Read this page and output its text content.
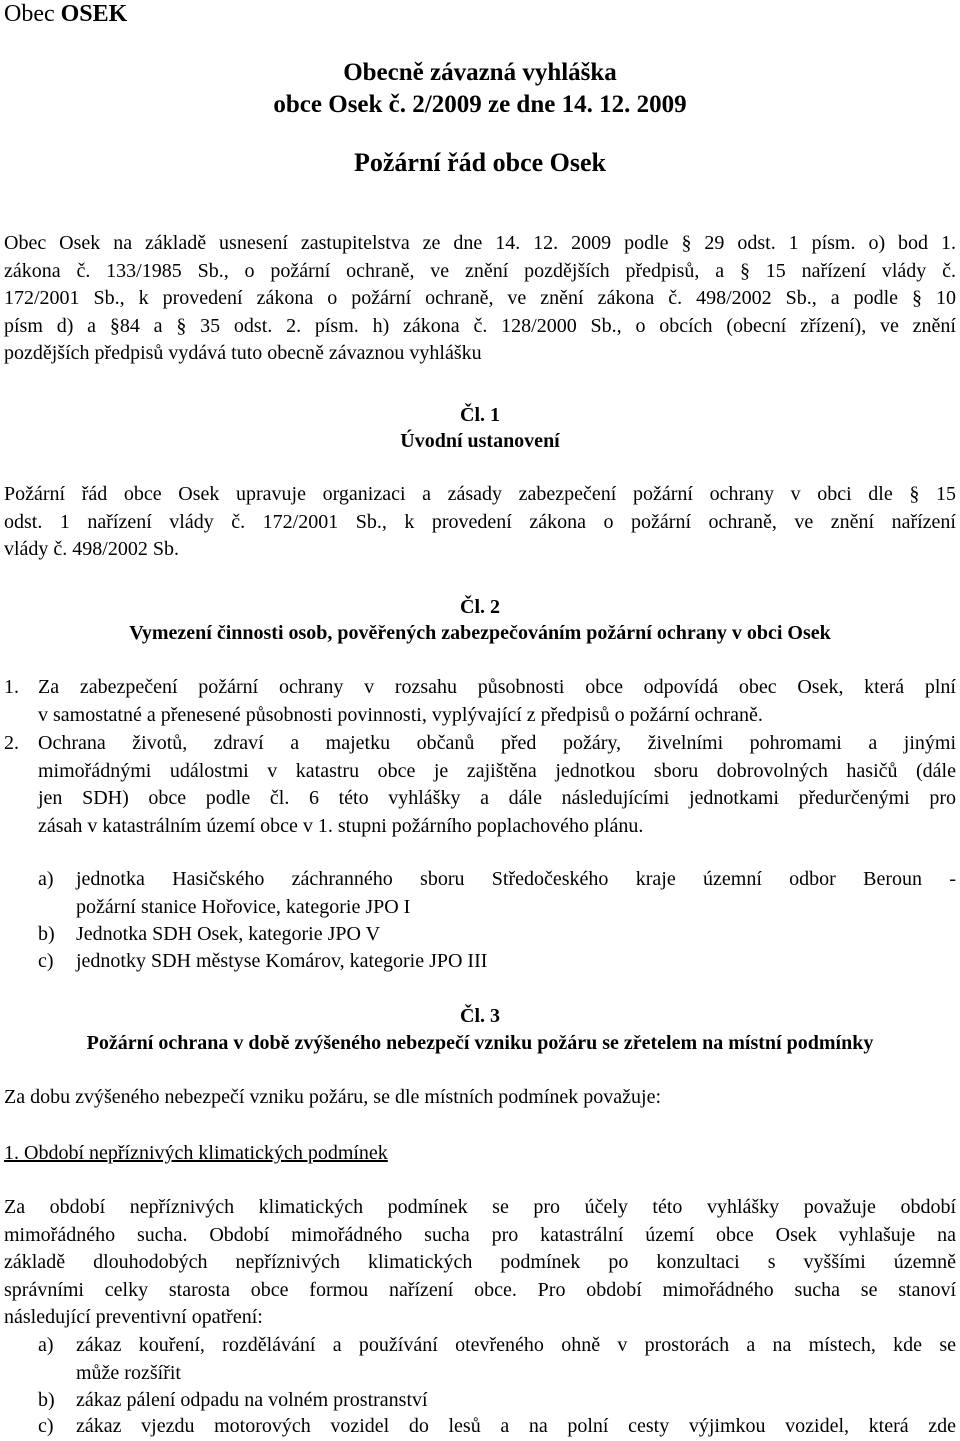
Obec OSEK
Obecně závazná vyhláška
obce Osek č. 2/2009 ze dne 14. 12. 2009
Požární řád obce Osek
Obec Osek na základě usnesení zastupitelstva ze dne 14. 12. 2009 podle § 29 odst. 1 písm. o) bod 1.
zákona č. 133/1985 Sb., o požární ochraně, ve znění pozdějších předpisů, a § 15 nařízení vlády č.
172/2001 Sb., k provedení zákona o požární ochraně, ve znění zákona č. 498/2002 Sb., a podle § 10
písm d) a §84 a § 35 odst. 2. písm. h) zákona č. 128/2000 Sb., o obcích (obecní zřízení), ve znění
pozdějších předpisů vydává tuto obecně závaznou vyhlášku
Čl. 1
Úvodní ustanovení
Požární řád obce Osek upravuje organizaci a zásady zabezpečení požární ochrany v obci dle § 15
odst. 1 nařízení vlády č. 172/2001 Sb., k provedení zákona o požární ochraně, ve znění nařízení
vlády č. 498/2002 Sb.
Čl. 2
Vymezení činnosti osob, pověřených zabezpečováním požární ochrany v obci Osek
1. Za zabezpečení požární ochrany v rozsahu působnosti obce odpovídá obec Osek, která plní
v samostatné a přenesené působnosti povinnosti, vyplývající z předpisů o požární ochraně.
2. Ochrana životů, zdraví a majetku občanů před požáry, živelními pohromami a jinými
mimořádnými událostmi v katastru obce je zajištěna jednotkou sboru dobrovolných hasičů (dále
jen SDH) obce podle čl. 6 této vyhlášky a dále následujícími jednotkami předurčenými pro
zásah v katastrálním území obce v 1. stupni požárního poplachového plánu.
a) jednotka Hasičského záchranného sboru Středočeského kraje územní odbor Beroun -
požární stanice Hořovice, kategorie JPO I
b) Jednotka SDH Osek, kategorie JPO V
c) jednotky SDH městyse Komárov, kategorie JPO III
Čl. 3
Požární ochrana v době zvýšeného nebezpečí vzniku požáru se zřetelem na místní podmínky
Za dobu zvýšeného nebezpečí vzniku požáru, se dle místních podmínek považuje:
1. Období nepříznivých klimatických podmínek
Za období nepříznivých klimatických podmínek se pro účely této vyhlášky považuje období
mimořádného sucha. Období mimořádného sucha pro katastrální území obce Osek vyhlašuje na
základě dlouhodobých nepříznivých klimatických podmínek po konzultaci s vyššími územně
správními celky starosta obce formou nařízení obce. Pro období mimořádného sucha se stanoví
následující preventivní opatření:
a) zákaz kouření, rozdělávání a používání otevřeného ohně v prostorách a na místech, kde se
může rozšířit
b) zákaz pálení odpadu na volném prostranství
c) zákaz vjezdu motorových vozidel do lesů a na polní cesty výjimkou vozidel, která zde
